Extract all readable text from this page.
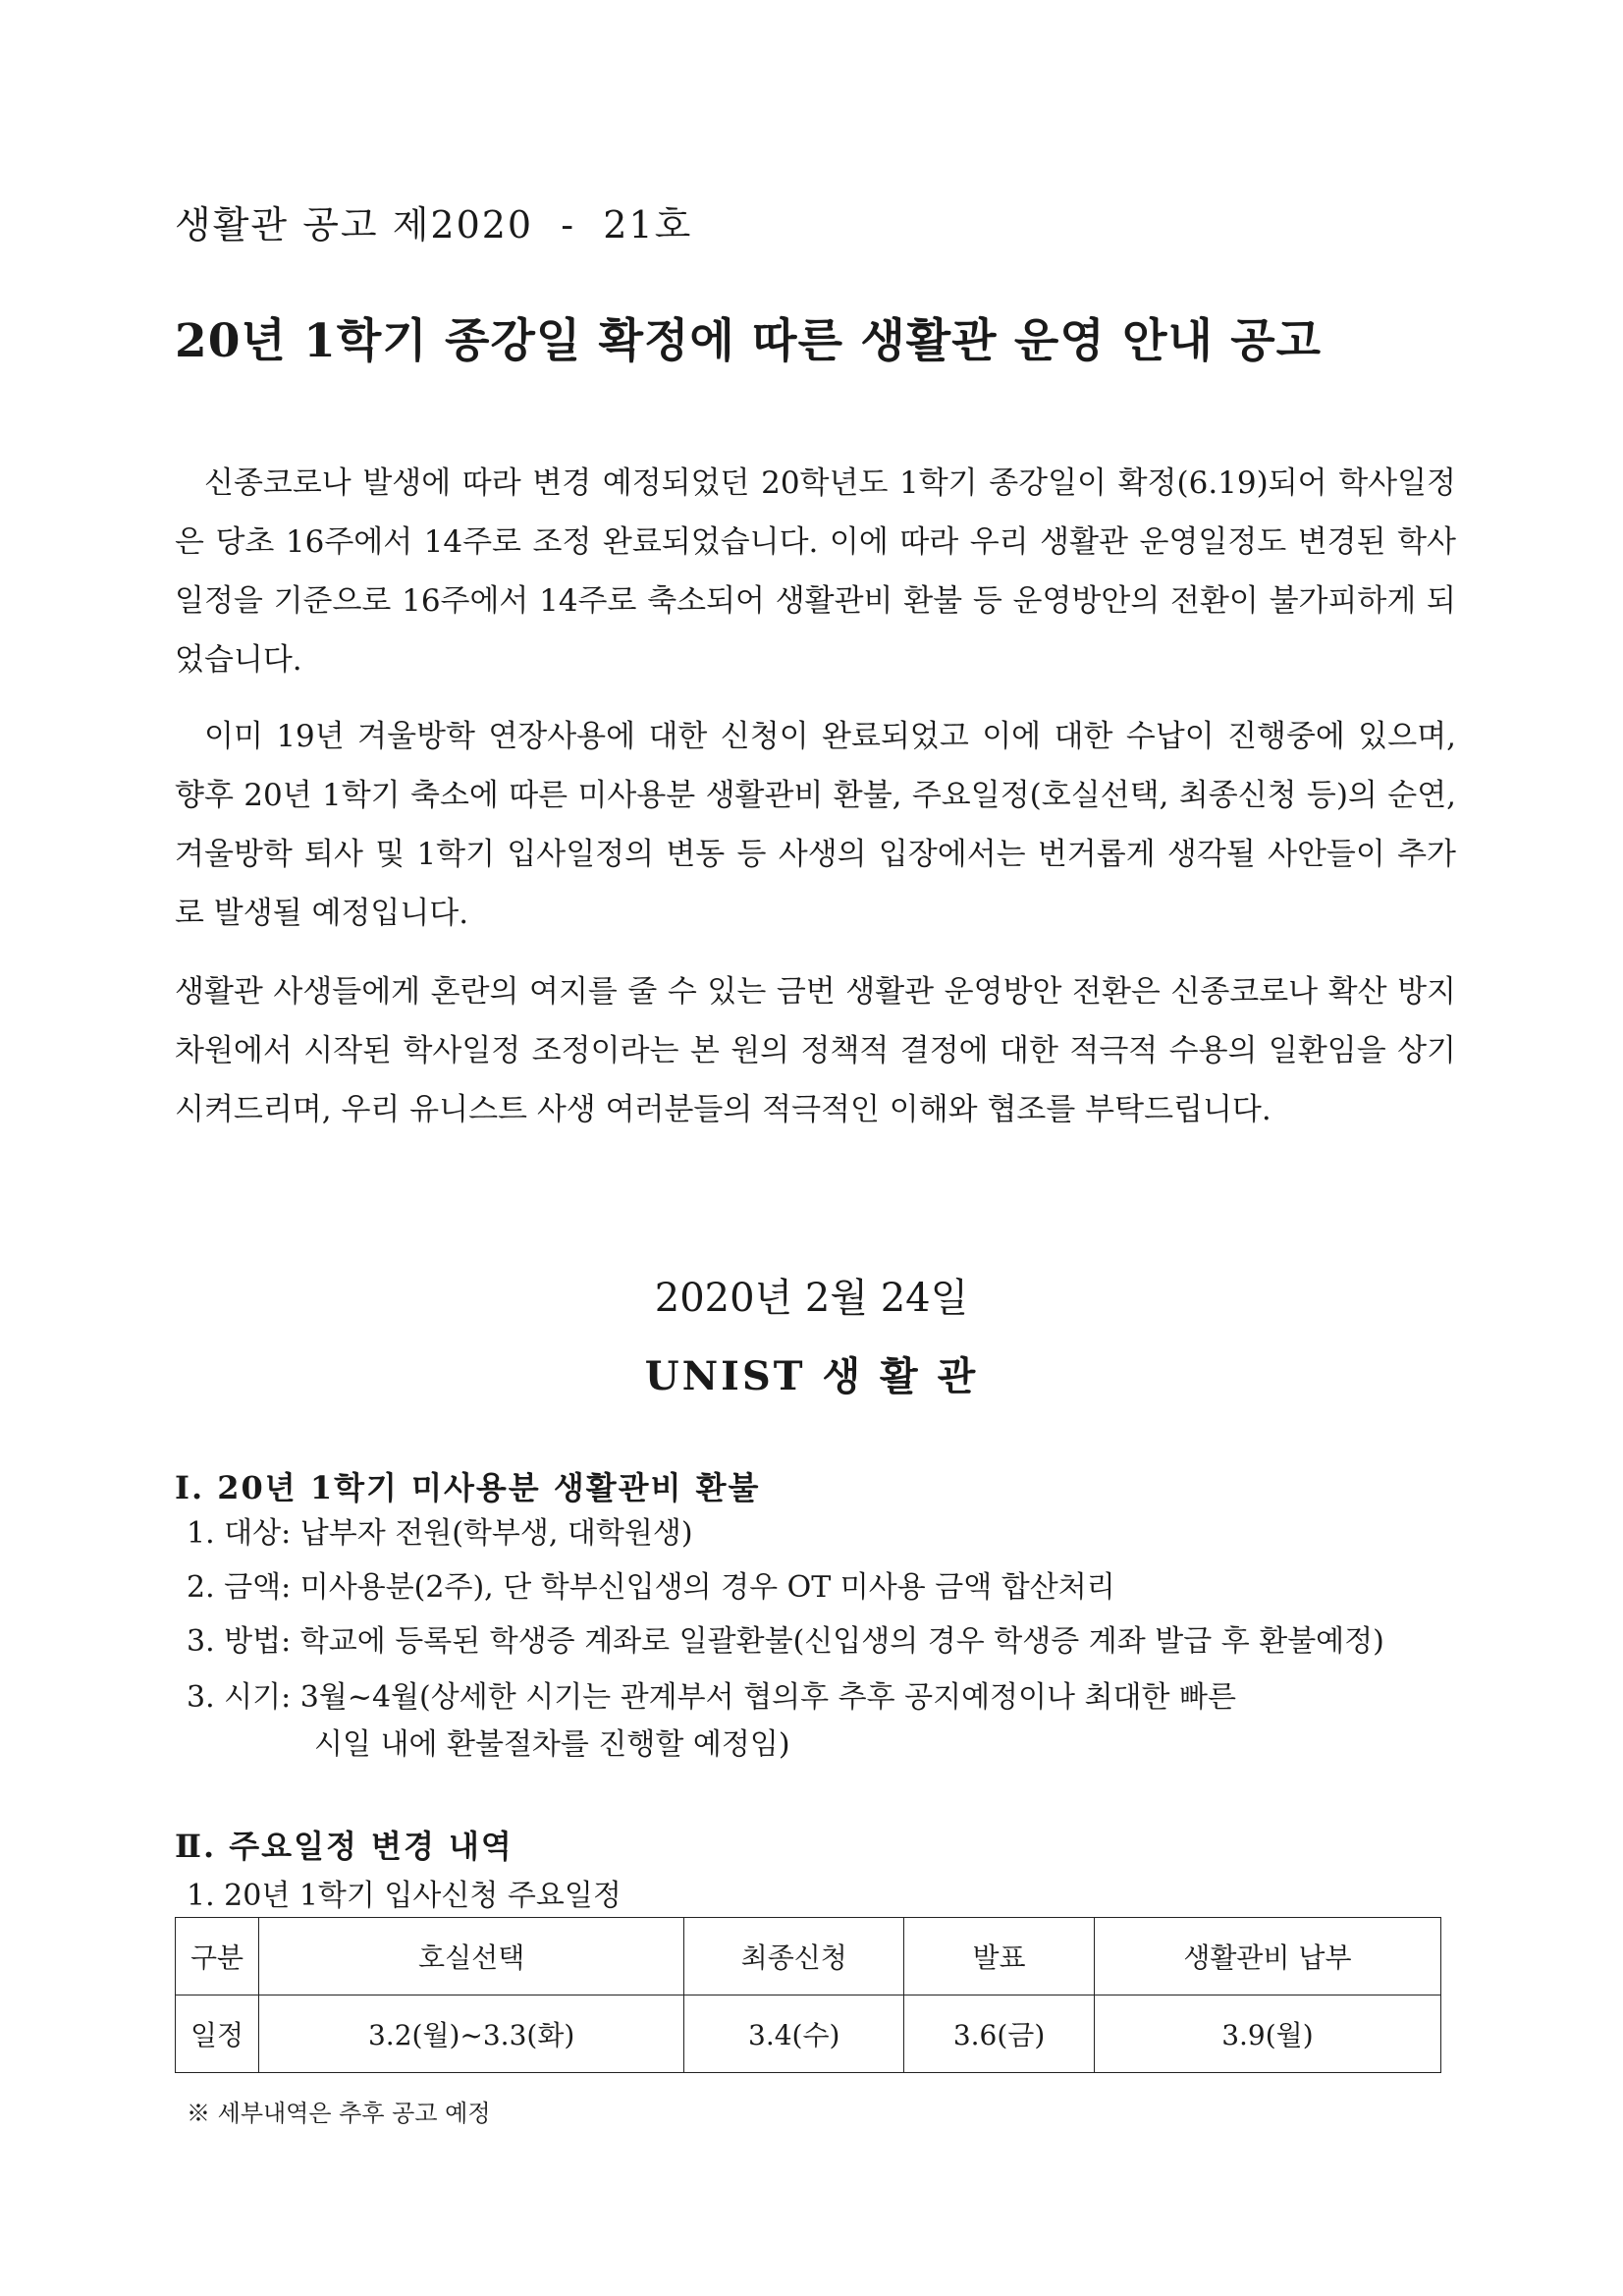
생활관 공고 제2020  -  21호
20년 1학기 종강일 확정에 따른 생활관 운영 안내 공고
신종코로나 발생에 따라 변경 예정되었던 20학년도 1학기 종강일이 확정(6.19)되어 학사일정은 당초 16주에서 14주로 조정 완료되었습니다. 이에 따라 우리 생활관 운영일정도 변경된 학사일정을 기준으로 16주에서 14주로 축소되어 생활관비 환불 등 운영방안의 전환이 불가피하게 되었습니다.
이미 19년 겨울방학 연장사용에 대한 신청이 완료되었고 이에 대한 수납이 진행중에 있으며, 향후 20년 1학기 축소에 따른 미사용분 생활관비 환불, 주요일정(호실선택, 최종신청 등)의 순연, 겨울방학 퇴사 및 1학기 입사일정의 변동 등 사생의 입장에서는 번거롭게 생각될 사안들이 추가로 발생될 예정입니다.
생활관 사생들에게 혼란의 여지를 줄 수 있는 금번 생활관 운영방안 전환은 신종코로나 확산 방지차원에서 시작된 학사일정 조정이라는 본 원의 정책적 결정에 대한 적극적 수용의 일환임을 상기시켜드리며, 우리 유니스트 사생 여러분들의 적극적인 이해와 협조를 부탁드립니다.
2020년 2월 24일
UNIST 생 활 관
Ⅰ. 20년 1학기 미사용분 생활관비 환불
1. 대상: 납부자 전원(학부생, 대학원생)
2. 금액: 미사용분(2주), 단 학부신입생의 경우 OT 미사용 금액 합산처리
3. 방법: 학교에 등록된 학생증 계좌로 일괄환불(신입생의 경우 학생증 계좌 발급 후 환불예정)
3. 시기: 3월~4월(상세한 시기는 관계부서 협의후 추후 공지예정이나 최대한 빠른
시일 내에 환불절차를 진행할 예정임)
Ⅱ. 주요일정 변경 내역
1. 20년 1학기 입사신청 주요일정
구분	호실선택	최종신청	발표	생활관비 납부
일정	3.2(월)~3.3(화)	3.4(수)	3.6(금)	3.9(월)
※ 세부내역은 추후 공고 예정
